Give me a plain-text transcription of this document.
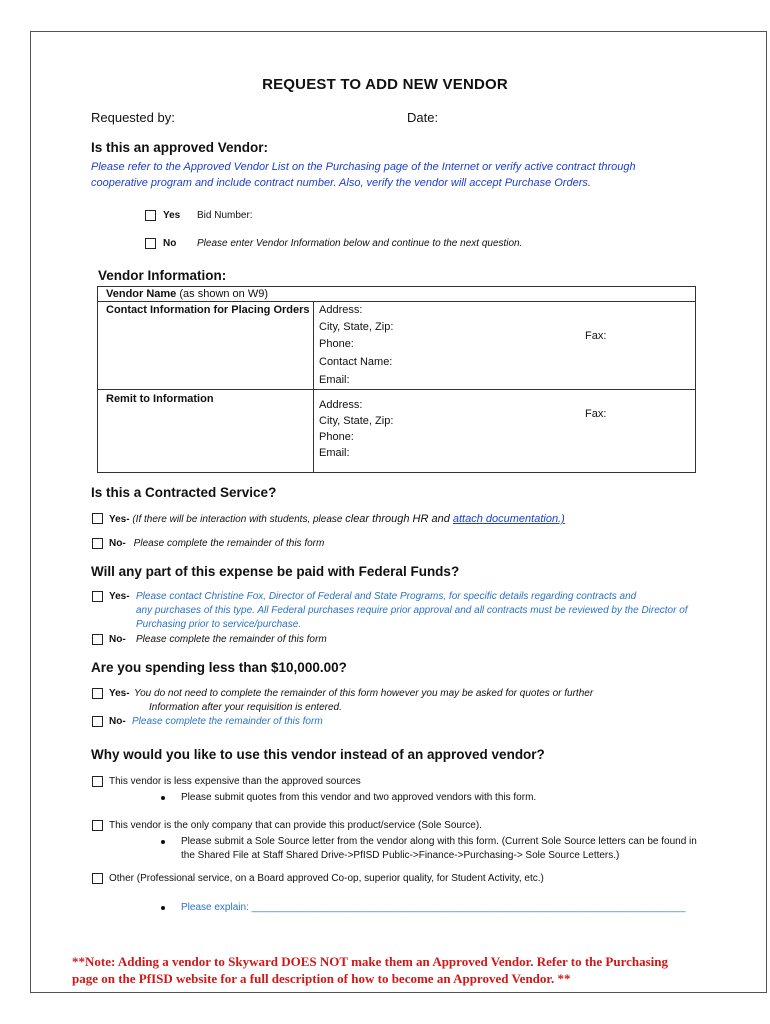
REQUEST TO ADD NEW VENDOR
Requested by:	Date:
Is this an approved Vendor:
Please refer to the Approved Vendor List on the Purchasing page of the Internet or verify active contract through
cooperative program and include contract number. Also, verify the vendor will accept Purchase Orders.
Yes Bid Number:
No Please enter Vendor Information below and continue to the next question.
Vendor Information:
Vendor Name (as shown on W9)
Contact Information for Placing Orders Address:
City, State, Zip:
Phone:
Fax:
Contact Name:
Email:
Remit to Information	Address:
City, State, Zip:
Phone:
Email:
Fax:
Is this a Contracted Service?
Yes- (If there will be interaction with students, please clear through HR and attach documentation.)
No- Please complete the remainder of this form
Will any part of this expense be paid with Federal Funds?
Yes- Please contact Christine Fox, Director of Federal and State Programs, for specific details regarding contracts and
any purchases of this type. All Federal purchases require prior approval and all contracts must be reviewed by the Director of
Purchasing prior to service/purchase.
No- Please complete the remainder of this form
Are you spending less than $10,000.00?
Yes- You do not need to complete the remainder of this form however you may be asked for quotes or further
Information after your requisition is entered.
No- Please complete the remainder of this form
Why would you like to use this vendor instead of an approved vendor?
This vendor is less expensive than the approved sources
Please submit quotes from this vendor and two approved vendors with this form.
This vendor is the only company that can provide this product/service (Sole Source).
Please submit a Sole Source letter from the vendor along with this form. (Current Sole Source letters can be found in
the Shared File at Staff Shared Drive->PfISD Public->Finance->Purchasing-> Sole Source Letters.)
Other (Professional service, on a Board approved Co-op, superior quality, for Student Activity, etc.)
Please explain: ______________________________________________________________________________
**Note: Adding a vendor to Skyward DOES NOT make them an Approved Vendor. Refer to the Purchasing
page on the PfISD website for a full description of how to become an Approved Vendor. **
